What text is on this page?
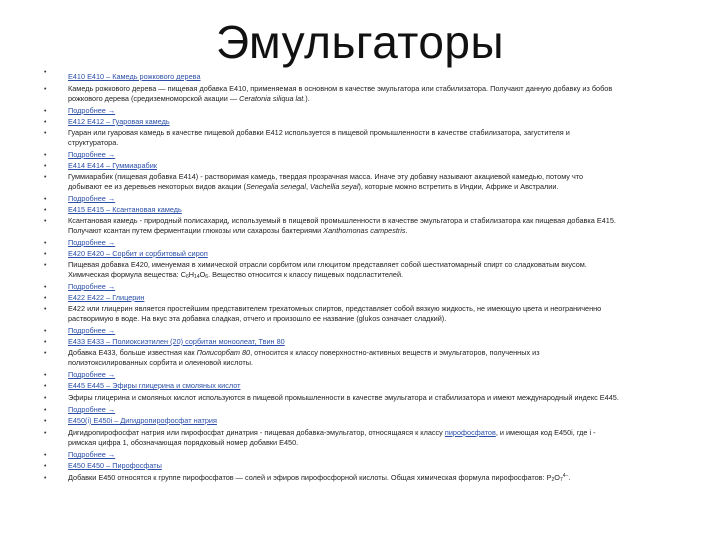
Эмульгаторы
•	Е410 Е410 – Камедь рожкового дерева
•	Камедь рожкового дерева — пищевая добавка Е410, применяемая в основном в качестве эмульгатора или стабилизатора. Получают данную добавку из бобов
рожкового дерева (средиземноморской акации — Ceratonia siliqua lat.).
•	Подробнее →
•	Е412 Е412 – Гуаровая камедь
•	Гуаран или гуаровая камедь в качестве пищевой добавки Е412 используется в пищевой промышленности в качестве стабилизатора, загустителя и
структуратора.
•	Подробнее →
•	Е414 Е414 – Гуммиарабик
•	Гуммиарабик (пищевая добавка Е414) - растворимая камедь, твердая прозрачная масса. Иначе эту добавку называют акациевой камедью, потому что
добывают ее из деревьев некоторых видов акации (Senegalia senegal, Vachellia seyal), которые можно встретить в Индии, Африке и Австралии.
•	Подробнее →
•	Е415 Е415 – Ксантановая камедь
•	Ксантановая камедь - природный полисахарид, используемый в пищевой промышленности в качестве эмульгатора и стабилизатора как пищевая добавка Е415.
Получают ксантан путем ферментации глюкозы или сахарозы бактериями Xanthomonas campestris.
•	Подробнее →
•	Е420 Е420 – Сорбит и сорбитовый сироп
•	Пищевая добавка Е420, именуемая в химической отрасли сорбитом или глюцитом представляет собой шестиатомарный спирт со сладковатым вкусом.
Химическая формула вещества: $C_6H_{14}O_6$. Вещество относится к классу пищевых подсластителей.
•	Подробнее →
•	Е422 Е422 – Глицерин
•	Е422 или глицерин является простейшим представителем трехатомных спиртов, представляет собой вязкую жидкость, не имеющую цвета и неограниченно
растворимую в воде. На вкус эта добавка сладкая, отчего и произошло ее название (glukos означает сладкий).
•	Подробнее →
•	Е433 Е433 – Полиоксиэтилен (20) сорбитан моноолеат, Твин 80
•	Добавка Е433, больше известная как Полисорбат 80, относится к классу поверхностно-активных веществ и эмульгаторов, полученных из
полиэтоксилированных сорбита и олеиновой кислоты.
•	Подробнее →
•	Е445 Е445 – Эфиры глицерина и смоляных кислот
•	Эфиры глицерина и смоляных кислот используются в пищевой промышленности в качестве эмульгатора и стабилизатора и имеют международный индекс Е445.
•	Подробнее →
•	Е450(i) Е450i – Дигидропирофосфат натрия
•	Дигидропирофосфат натрия или пирофосфат динатрия - пищевая добавка-эмульгатор, относящаяся к классу пирофосфатов, и имеющая код Е450i, где i -
римская цифра 1, обозначающая порядковый номер добавки Е450.
•	Подробнее →
•	Е450 Е450 – Пирофосфаты
•	Добавки Е450 относятся к группе пирофосфатов — солей и эфиров пирофосфорной кислоты. Общая химическая формула пирофосфатов: $P_2O_7^{4-}$.
